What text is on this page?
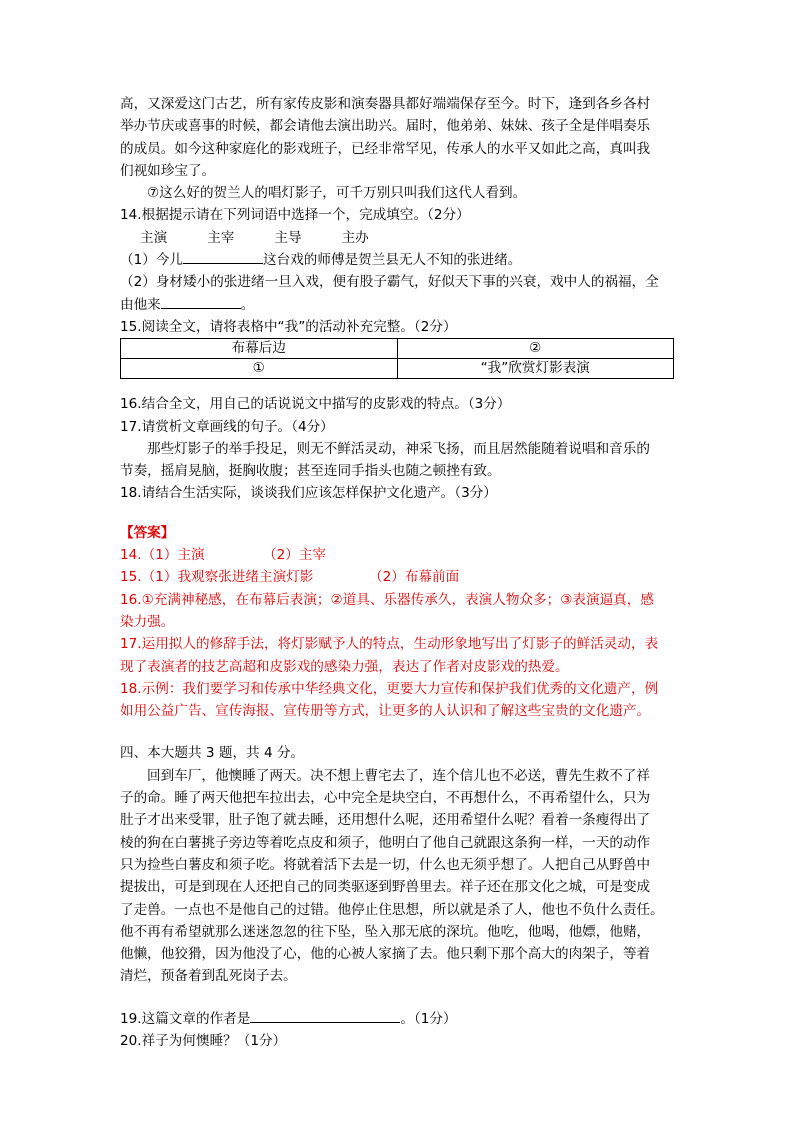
高，又深爱这门古艺，所有家传皮影和演奏器具都好端端保存至今。时下，逢到各乡各村

举办节庆或喜事的时候，都会请他去演出助兴。届时，他弟弟、妹妹、孩子全是伴唱奏乐

的成员。如今这种家庭化的影戏班子，已经非常罕见，传承人的水平又如此之高，真叫我

们视如珍宝了。

⑦这么好的贺兰人的唱灯影子，可千万别只叫我们这代人看到。

14.根据提示请在下列词语中选择一个，完成填空。（2分）

主演	主宰	主导	主办

（1）今儿	这台戏的师傅是贺兰县无人不知的张进绪。

（2）身材矮小的张进绪一旦入戏，便有股子霸气，好似天下事的兴衰，戏中人的祸福，全

由他来	。

15.阅读全文，请将表格中“我”的活动补充完整。（2分）

布幕后边	②
①	“我”欣赏灯影表演

16.结合全文，用自己的话说说文中描写的皮影戏的特点。（3分）

17.请赏析文章画线的句子。（4分）

那些灯影子的举手投足，则无不鲜活灵动，神采飞扬，而且居然能随着说唱和音乐的

节奏，摇肩晃脑，挺胸收腹；甚至连同手指头也随之顿挫有致。

18.请结合生活实际，谈谈我们应该怎样保护文化遗产。（3分）

【答案】

14.（1）主演	（2）主宰

15.（1）我观察张进绪主演灯影	（2）布幕前面

16.①充满神秘感，在布幕后表演；②道具、乐器传承久，表演人物众多；③表演逼真，感

染力强。

17.运用拟人的修辞手法，将灯影赋予人的特点，生动形象地写出了灯影子的鲜活灵动，表

现了表演者的技艺高超和皮影戏的感染力强，表达了作者对皮影戏的热爱。

18.示例：我们要学习和传承中华经典文化，更要大力宣传和保护我们优秀的文化遗产，例

如用公益广告、宣传海报、宣传册等方式，让更多的人认识和了解这些宝贵的文化遗产。

四、本大题共 3 题，共 4 分。

回到车厂，他懊睡了两天。决不想上曹宅去了，连个信儿也不必送，曹先生救不了祥

子的命。睡了两天他把车拉出去，心中完全是块空白，不再想什么，不再希望什么，只为

肚子才出来受罪，肚子饱了就去睡，还用想什么呢，还用希望什么呢？看着一条瘦得出了

棱的狗在白薯挑子旁边等着吃点皮和须子，他明白了他自己就跟这条狗一样，一天的动作

只为捡些白薯皮和须子吃。将就着活下去是一切，什么也无须乎想了。人把自己从野兽中

提拔出，可是到现在人还把自己的同类驱逐到野兽里去。祥子还在那文化之城，可是变成

了走兽。一点也不是他自己的过错。他停止住思想，所以就是杀了人，他也不负什么责任。

他不再有希望就那么迷迷忽忽的往下坠，坠入那无底的深坑。他吃，他喝，他嫖，他赌，

他懒，他狡猾，因为他没了心，他的心被人家摘了去。他只剩下那个高大的肉架子，等着

清烂，预备着到乱死岗子去。

19.这篇文章的作者是	。（1分）

20.祥子为何懊睡？（1分）
